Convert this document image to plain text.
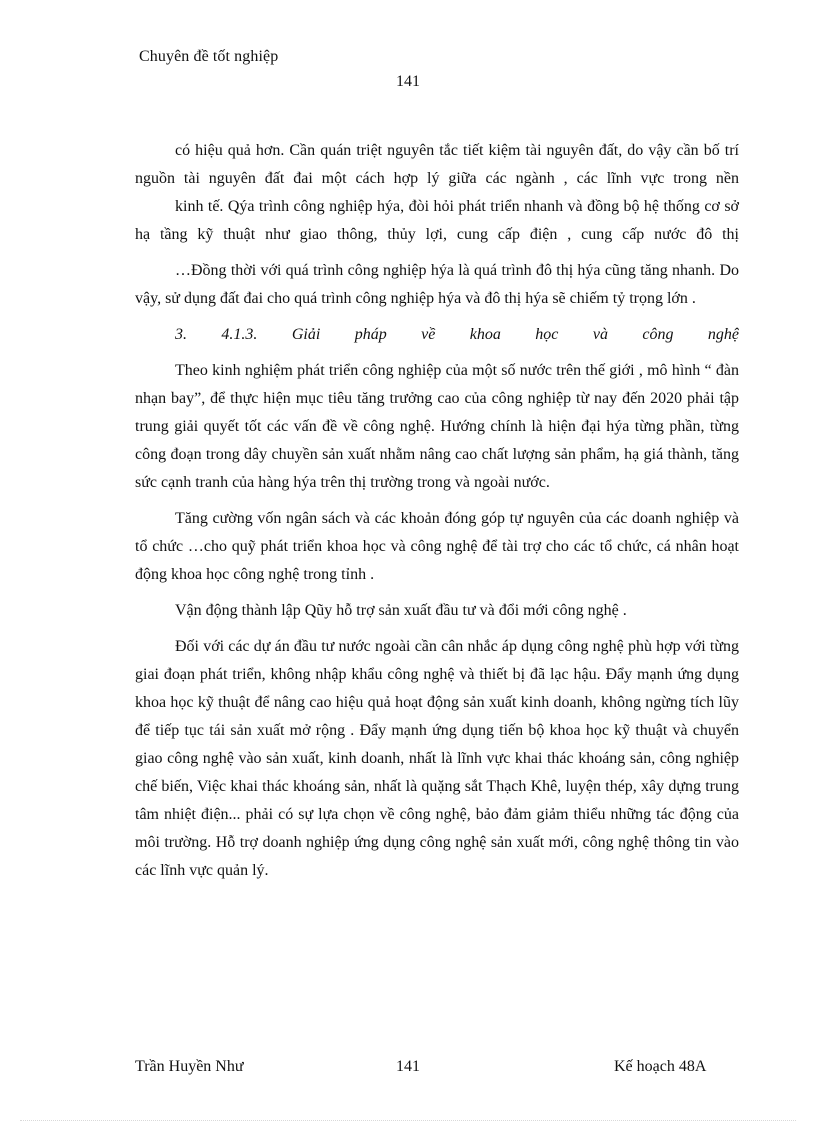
Chuyên đề tốt nghiệp
141

có hiệu quả hơn. Cần quán triệt nguyên tắc tiết kiệm tài nguyên đất, do vậy cần bố trí nguồn tài nguyên đất đai một cách hợp lý giữa các ngành , các lĩnh vực trong nền

kinh tế. Qýa trình công nghiệp hýa, đòi hỏi phát triển nhanh và đồng bộ hệ thống cơ sở hạ tầng kỹ thuật như giao thông, thủy lợi, cung cấp điện , cung cấp nước đô thị

…Đồng thời với quá trình công nghiệp hýa là quá trình đô thị hýa cũng tăng nhanh. Do vậy, sử dụng đất đai cho quá trình công nghiệp hýa và đô thị hýa sẽ chiếm tỷ trọng lớn .

3. 4.1.3. Giải pháp về khoa học và công nghệ

Theo kinh nghiệm phát triển công nghiệp của một số nước trên thế giới , mô hình “ đàn nhạn bay”, để thực hiện mục tiêu tăng trưởng cao của công nghiệp từ nay đến 2020 phải tập trung giải quyết tốt các vấn đề về công nghệ. Hướng chính là hiện đại hýa từng phần, từng công đoạn trong dây chuyền sản xuất nhằm nâng cao chất lượng sản phẩm, hạ giá thành, tăng sức cạnh tranh của hàng hýa trên thị trường trong và ngoài nước.

Tăng cường vốn ngân sách và các khoản đóng góp tự nguyên của các doanh nghiệp và tổ chức …cho quỹ phát triển khoa học và công nghệ để tài trợ cho các tổ chức, cá nhân hoạt động khoa học công nghệ trong tỉnh .

Vận động thành lập Qũy hỗ trợ sản xuất đầu tư và đổi mới công nghệ .

Đối với các dự án đầu tư nước ngoài cần cân nhắc áp dụng công nghệ phù hợp với từng giai đoạn phát triển, không nhập khẩu công nghệ và thiết bị đã lạc hậu. Đẩy mạnh ứng dụng khoa học kỹ thuật để nâng cao hiệu quả hoạt động sản xuất kinh doanh, không ngừng tích lũy để tiếp tục tái sản xuất mở rộng . Đẩy mạnh ứng dụng tiến bộ khoa học kỹ thuật và chuyển giao công nghệ vào sản xuất, kinh doanh, nhất là lĩnh vực khai thác khoáng sản, công nghiệp chế biến, Việc khai thác khoáng sản, nhất là quặng sắt Thạch Khê, luyện thép, xây dựng trung tâm nhiệt điện... phải có sự lựa chọn về công nghệ, bảo đảm giảm thiểu những tác động của môi trường. Hỗ trợ doanh nghiệp ứng dụng công nghệ sản xuất mới, công nghệ thông tin vào các lĩnh vực quản lý.

Trần Huyền Như	141	Kế hoạch 48A
